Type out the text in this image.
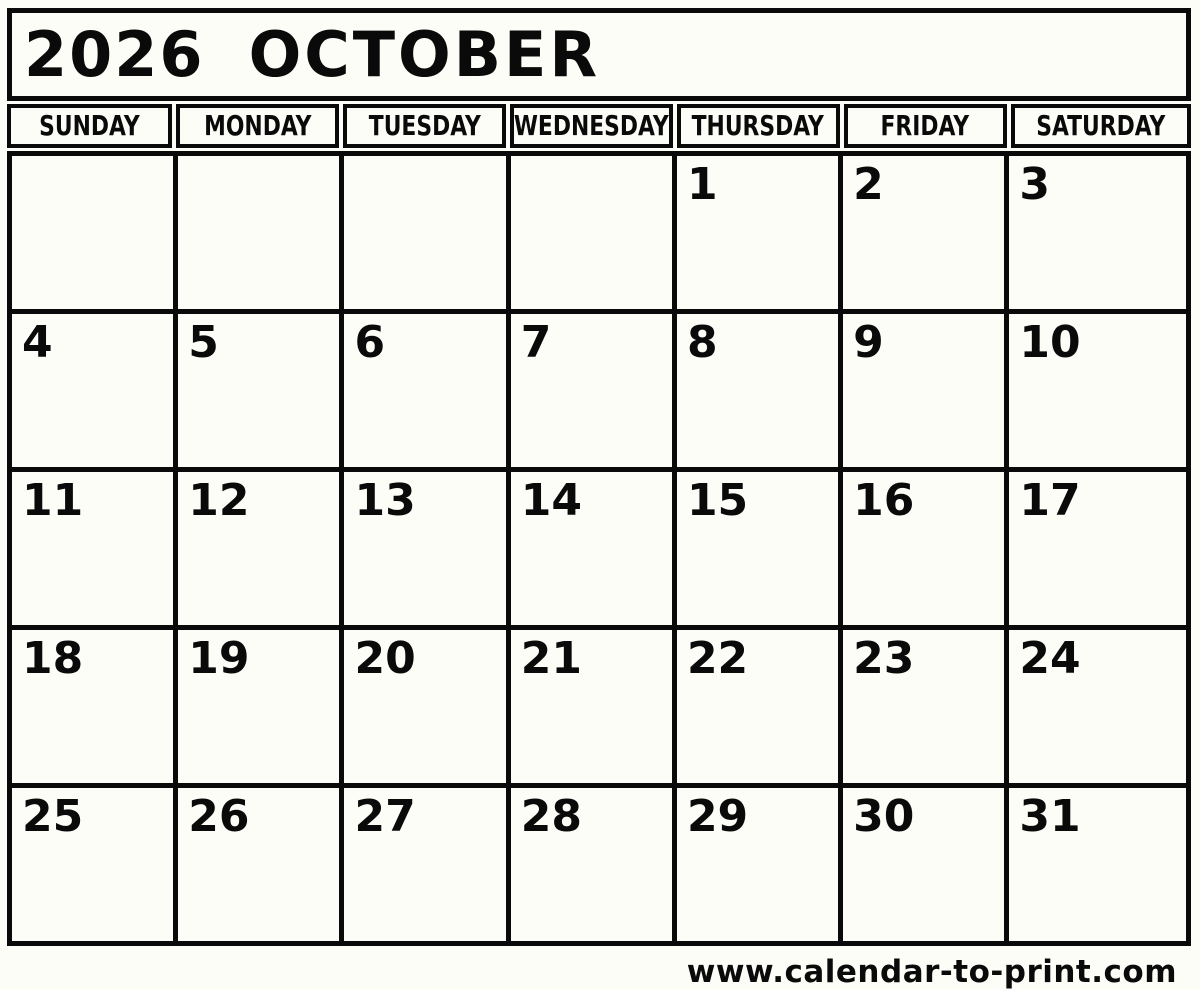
2026 OCTOBER
SUNDAY MONDAY TUESDAY WEDNESDAY THURSDAY FRIDAY SATURDAY
				1	2	3
4	5	6	7	8	9	10
11	12	13	14	15	16	17
18	19	20	21	22	23	24
25	26	27	28	29	30	31
www.calendar-to-print.com
